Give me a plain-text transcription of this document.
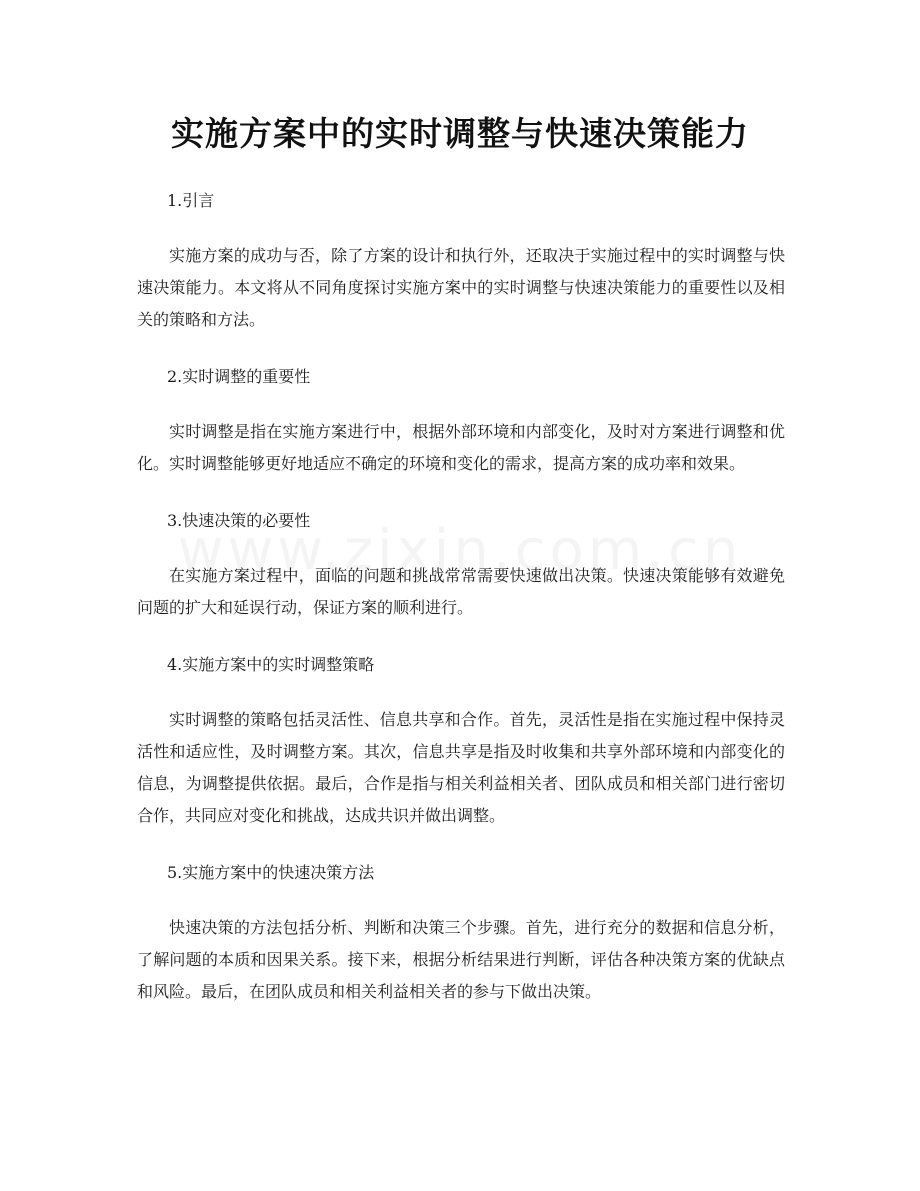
实施方案中的实时调整与快速决策能力

1.引言

实施方案的成功与否，除了方案的设计和执行外，还取决于实施过程中的实时调整与快速决策能力。本文将从不同角度探讨实施方案中的实时调整与快速决策能力的重要性以及相关的策略和方法。

2.实时调整的重要性

实时调整是指在实施方案进行中，根据外部环境和内部变化，及时对方案进行调整和优化。实时调整能够更好地适应不确定的环境和变化的需求，提高方案的成功率和效果。

3.快速决策的必要性

在实施方案过程中，面临的问题和挑战常常需要快速做出决策。快速决策能够有效避免问题的扩大和延误行动，保证方案的顺利进行。

4.实施方案中的实时调整策略

实时调整的策略包括灵活性、信息共享和合作。首先，灵活性是指在实施过程中保持灵活性和适应性，及时调整方案。其次，信息共享是指及时收集和共享外部环境和内部变化的信息，为调整提供依据。最后，合作是指与相关利益相关者、团队成员和相关部门进行密切合作，共同应对变化和挑战，达成共识并做出调整。

5.实施方案中的快速决策方法

快速决策的方法包括分析、判断和决策三个步骤。首先，进行充分的数据和信息分析，了解问题的本质和因果关系。接下来，根据分析结果进行判断，评估各种决策方案的优缺点和风险。最后，在团队成员和相关利益相关者的参与下做出决策。
